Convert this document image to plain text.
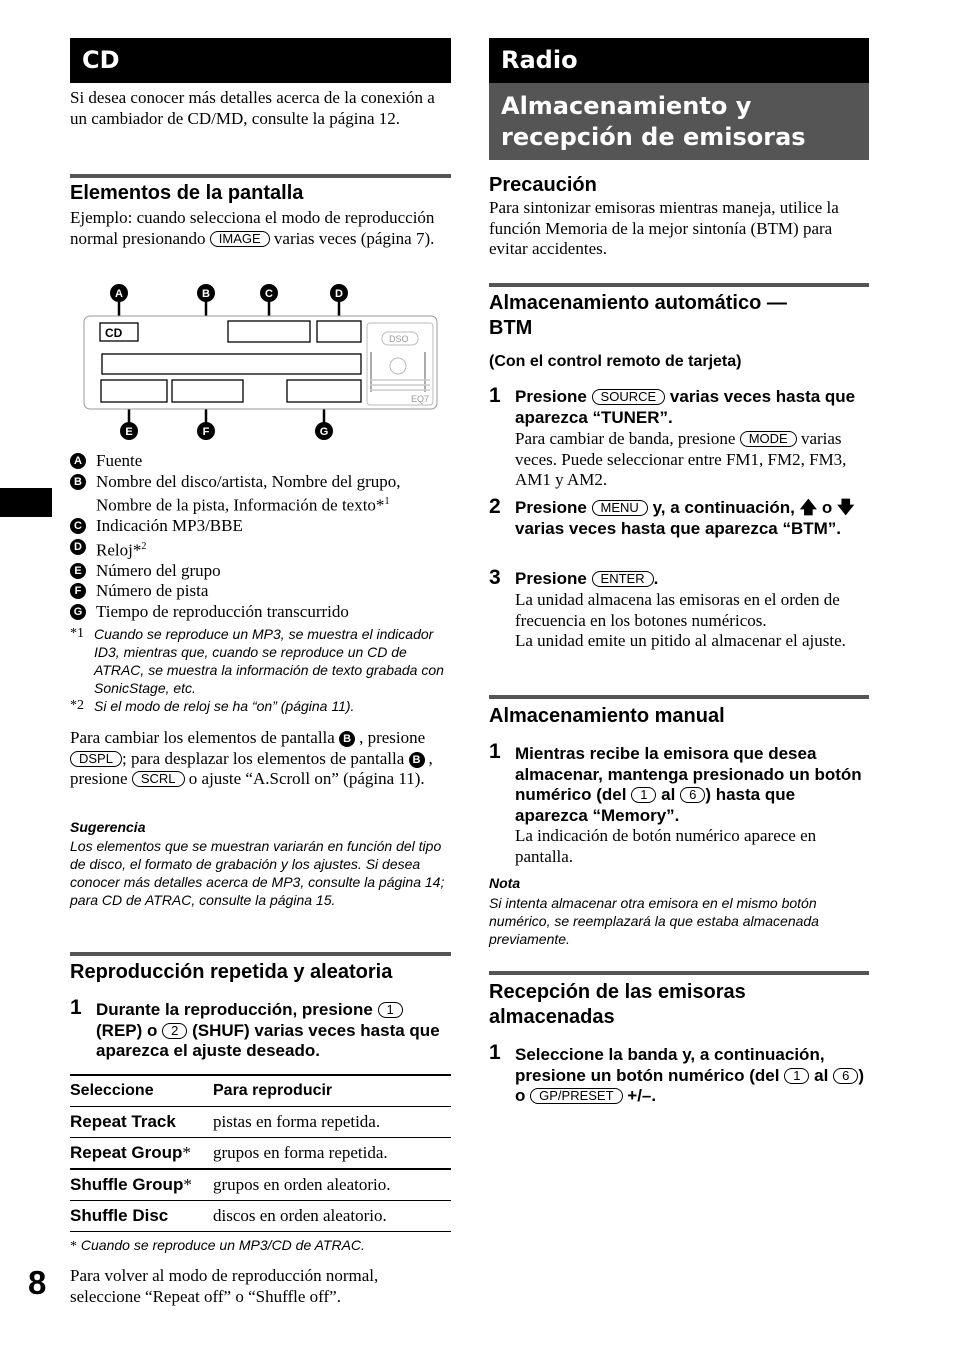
CD
Si desea conocer más detalles acerca de la conexión a un cambiador de CD/MD, consulte la página 12.
Elementos de la pantalla
Ejemplo: cuando selecciona el modo de reproducción normal presionando IMAGE varias veces (página 7).
CD	DSO
EQ7
A	B	C	D
E	F	G
A Fuente
B Nombre del disco/artista, Nombre del grupo, Nombre de la pista, Información de texto*$^1$
C Indicación MP3/BBE
D Reloj*$^2$
E Número del grupo
F Número de pista
G Tiempo de reproducción transcurrido
*1 Cuando se reproduce un MP3, se muestra el indicador ID3, mientras que, cuando se reproduce un CD de ATRAC, se muestra la información de texto grabada con SonicStage, etc.
*2 Si el modo de reloj se ha “on” (página 11).
Para cambiar los elementos de pantalla B , presione DSPL ; para desplazar los elementos de pantalla B , presione SCRL o ajuste “A.Scroll on” (página 11).
Sugerencia
Los elementos que se muestran variarán en función del tipo de disco, el formato de grabación y los ajustes. Si desea conocer más detalles acerca de MP3, consulte la página 14; para CD de ATRAC, consulte la página 15.
Reproducción repetida y aleatoria
1 Durante la reproducción, presione 1 (REP) o 2 (SHUF) varias veces hasta que aparezca el ajuste deseado.
Seleccione	Para reproducir
Repeat Track	pistas en forma repetida.
Repeat Group*	grupos en forma repetida.
Shuffle Group*	grupos en orden aleatorio.
Shuffle Disc	discos en orden aleatorio.
* Cuando se reproduce un MP3/CD de ATRAC.
Para volver al modo de reproducción normal, seleccione “Repeat off” o “Shuffle off”.
8
Radio
Almacenamiento y recepción de emisoras
Precaución
Para sintonizar emisoras mientras maneja, utilice la función Memoria de la mejor sintonía (BTM) para evitar accidentes.
Almacenamiento automático — BTM
(Con el control remoto de tarjeta)
1 Presione SOURCE varias veces hasta que aparezca “TUNER”.
Para cambiar de banda, presione MODE varias veces. Puede seleccionar entre FM1, FM2, FM3, AM1 y AM2.
2 Presione MENU y, a continuación, 🡅 o 🡇 varias veces hasta que aparezca “BTM”.
3 Presione ENTER .
La unidad almacena las emisoras en el orden de frecuencia en los botones numéricos.
La unidad emite un pitido al almacenar el ajuste.
Almacenamiento manual
1 Mientras recibe la emisora que desea almacenar, mantenga presionado un botón numérico (del 1 al 6 ) hasta que aparezca “Memory”.
La indicación de botón numérico aparece en pantalla.
Nota
Si intenta almacenar otra emisora en el mismo botón numérico, se reemplazará la que estaba almacenada previamente.
Recepción de las emisoras almacenadas
1 Seleccione la banda y, a continuación, presione un botón numérico (del 1 al 6 ) o GP/PRESET +/–.
